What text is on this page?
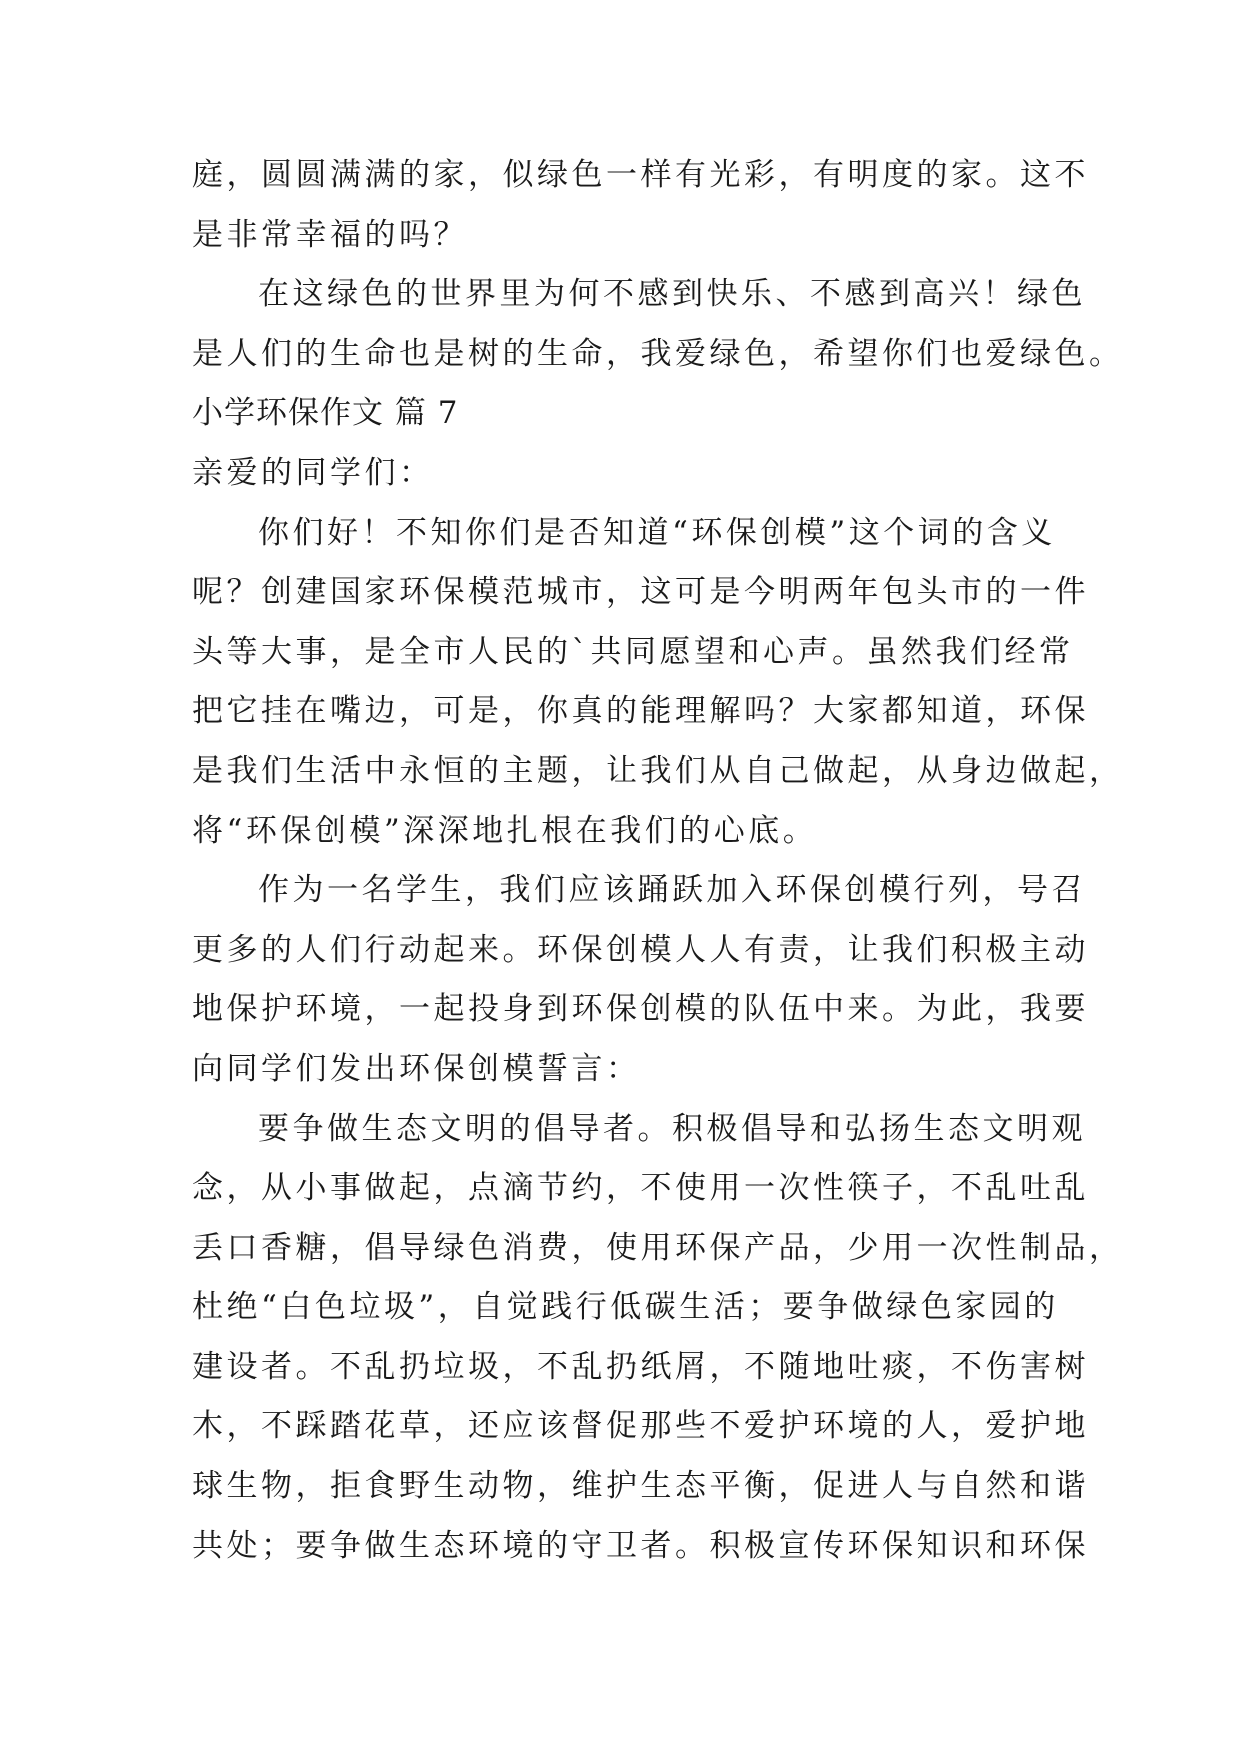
庭，圆圆满满的家，似绿色一样有光彩，有明度的家。这不
是非常幸福的吗？
在这绿色的世界里为何不感到快乐、不感到高兴！绿色
是人们的生命也是树的生命，我爱绿色，希望你们也爱绿色。
小学环保作文 篇 7
亲爱的同学们：
你们好！不知你们是否知道“环保创模”这个词的含义
呢？创建国家环保模范城市，这可是今明两年包头市的一件
头等大事，是全市人民的`共同愿望和心声。虽然我们经常
把它挂在嘴边，可是，你真的能理解吗？大家都知道，环保
是我们生活中永恒的主题，让我们从自己做起，从身边做起，
将“环保创模”深深地扎根在我们的心底。
作为一名学生，我们应该踊跃加入环保创模行列，号召
更多的人们行动起来。环保创模人人有责，让我们积极主动
地保护环境，一起投身到环保创模的队伍中来。为此，我要
向同学们发出环保创模誓言：
要争做生态文明的倡导者。积极倡导和弘扬生态文明观
念，从小事做起，点滴节约，不使用一次性筷子，不乱吐乱
丢口香糖，倡导绿色消费，使用环保产品，少用一次性制品，
杜绝“白色垃圾”，自觉践行低碳生活；要争做绿色家园的
建设者。不乱扔垃圾，不乱扔纸屑，不随地吐痰，不伤害树
木，不踩踏花草，还应该督促那些不爱护环境的人，爱护地
球生物，拒食野生动物，维护生态平衡，促进人与自然和谐
共处；要争做生态环境的守卫者。积极宣传环保知识和环保
